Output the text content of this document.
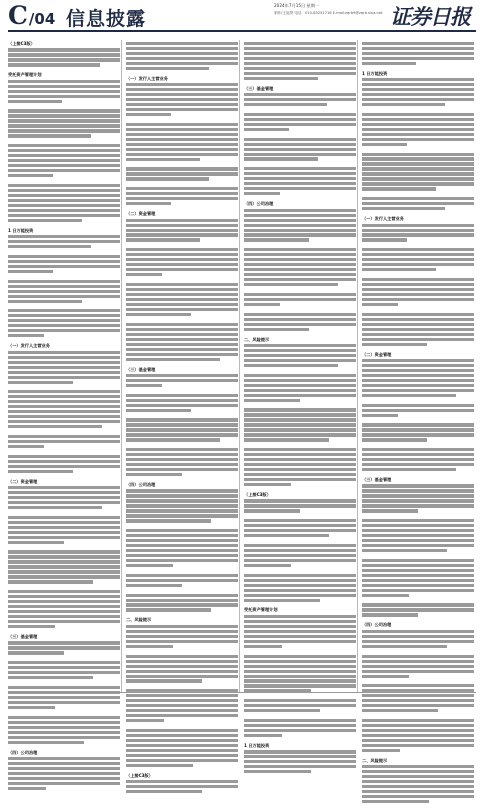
C /04 信息披露
2024年7月15日 星期一
制作/王福贤 电话：010-83251716 E-mail:zqrb9@zqrb.sina.net 证券日报
（上接C3版）
受托资产管理计划
1 日万能投资
（一）发行人主营业务
（二）资金管理
（三）基金管理
（四）公司治理
（一）发行人主营业务
（二）资金管理
（三）基金管理
（四）公司治理
二、风险提示
（上接C3版）
（三）基金管理
（四）公司治理
二、风险提示
（上接C3版）
受托资产管理计划
1 日万能投资
1 日万能投资
（一）发行人主营业务
（二）资金管理
（三）基金管理
（四）公司治理
二、风险提示
